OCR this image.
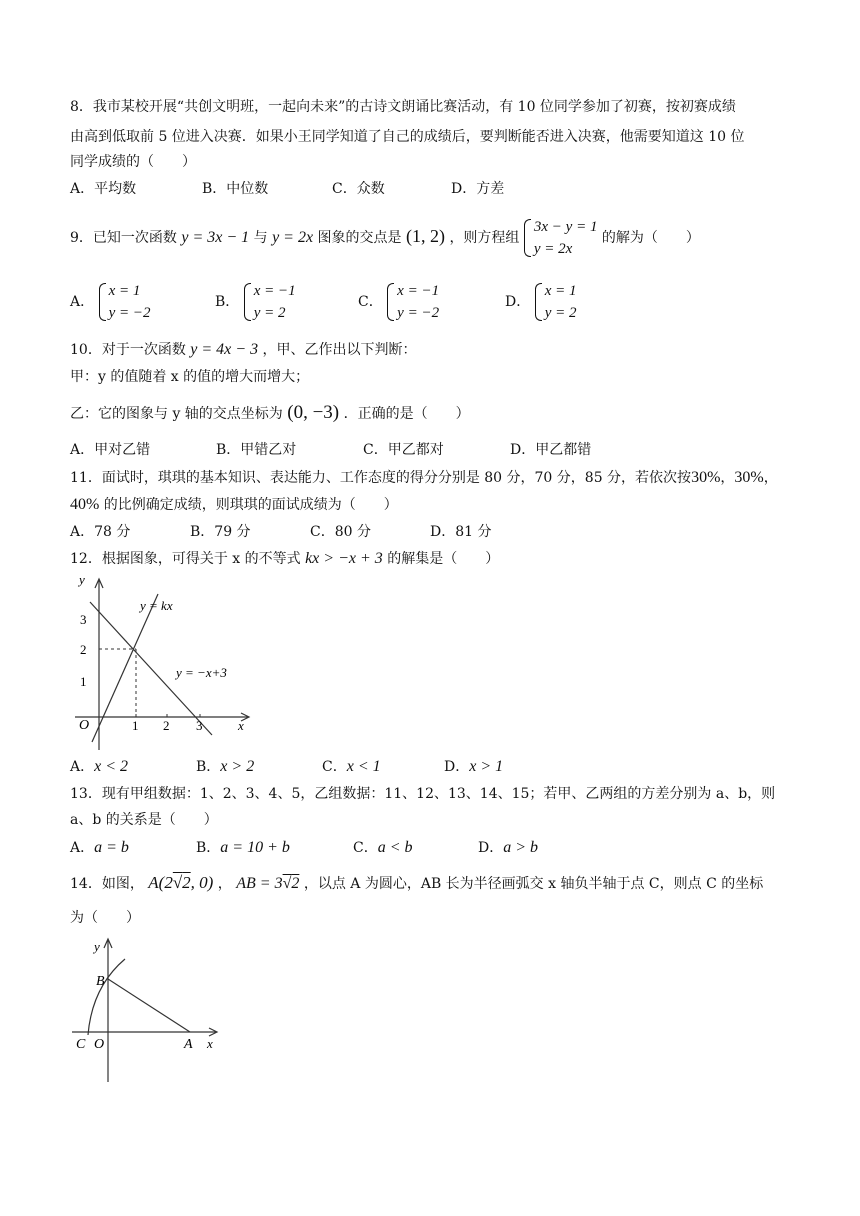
8．我市某校开展“共创文明班，一起向未来”的古诗文朗诵比赛活动，有 10 位同学参加了初赛，按初赛成绩
由高到低取前 5 位进入决赛．如果小王同学知道了自己的成绩后，要判断能否进入决赛，他需要知道这 10 位
同学成绩的（　　）
A．平均数	B．中位数	C．众数	D．方差
9．已知一次函数 y = 3x − 1 与 y = 2x 图象的交点是 (1, 2) ，则方程组
3x − y = 1
y = 2x
的解为（　　）
A．
x = 1
y = −2
B．
x = −1
y = 2
C．
x = −1
y = −2
D．
x = 1
y = 2
10．对于一次函数 y = 4x − 3 ，甲、乙作出以下判断：
甲：y 的值随着 x 的值的增大而增大；
乙：它的图象与 y 轴的交点坐标为 (0, −3) ．正确的是（　　）
A．甲对乙错	B．甲错乙对	C．甲乙都对	D．甲乙都错
11．面试时，琪琪的基本知识、表达能力、工作态度的得分分别是 80 分，70 分，85 分，若依次按30%，30%，
40% 的比例确定成绩，则琪琪的面试成绩为（　　）
A．78 分	B．79 分	C．80 分	D．81 分
12．根据图象，可得关于 x 的不等式 kx > −x + 3 的解集是（　　）
y
x
O
3
2
1
1 2 3
y = kx
y = −x+3
A．x < 2	B．x > 2	C．x < 1	D．x > 1
13．现有甲组数据：1、2、3、4、5，乙组数据：11、12、13、14、15；若甲、乙两组的方差分别为 a、b，则
a、b 的关系是（　　）
A．a = b	B．a = 10 + b	C．a < b	D．a > b
14．如图， A(2√2, 0) ， AB = 3√2 ，以点 A 为圆心，AB 长为半径画弧交 x 轴负半轴于点 C，则点 C 的坐标
为（　　）
y
x
B
C O	A
